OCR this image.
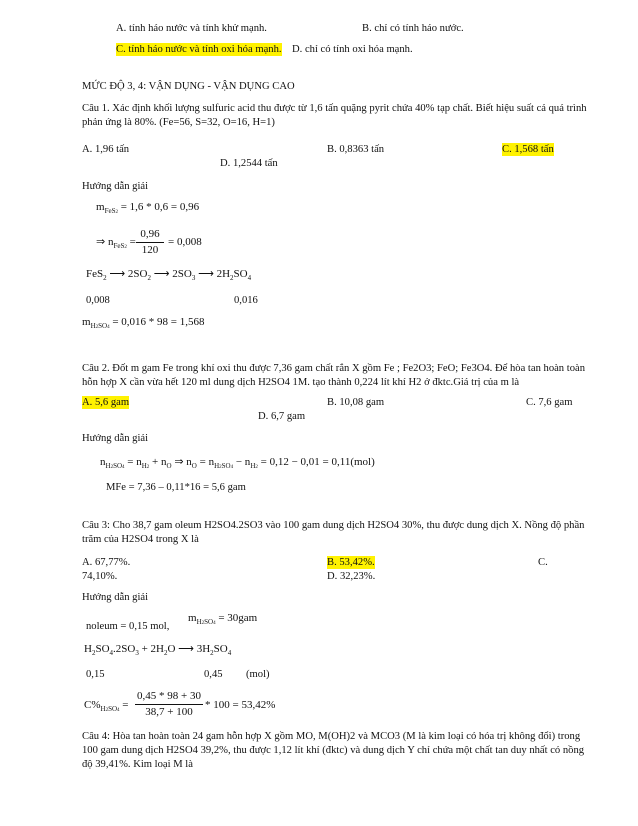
A. tính háo nước và tính khử mạnh.	B. chỉ có tính háo nước.
C. tính háo nước và tính oxi hóa mạnh. D. chỉ có tính oxi hóa mạnh.
MỨC ĐỘ 3, 4: VẬN DỤNG - VẬN DỤNG CAO
Câu 1. Xác định khối lượng sulfuric acid thu được từ 1,6 tấn quặng pyrit chứa 40% tạp chất. Biết hiệu suất cả quá trình phản ứng là 80%. (Fe=56, S=32, O=16, H=1)
A. 1,96 tấn	B. 0,8363 tấn	C. 1,568 tấn
D. 1,2544 tấn
Hướng dẫn giải
$m_{FeS2} = 1,6 * 0,6 = 0,96$
⇒ $n_{FeS2}$ =
0,96
120
= 0,008
FeS$_2$ ⟶ $2SO_2$ ⟶ $2SO_3$ ⟶ $2H_2SO_4$
0,008	0,016
$m_{H2SO4} = 0,016 * 98 = 1,568$
Câu 2. Đốt m gam Fe trong khí oxi thu được 7,36 gam chất rắn X gồm Fe ; Fe2O3; FeO; Fe3O4. Để hòa tan hoàn toàn hỗn hợp X cần vừa hết 120 ml dung dịch H2SO4 1M. tạo thành 0,224 lít khí H2 ở đktc.Giá trị của m là
A. 5,6 gam	B. 10,08 gam	C. 7,6 gam
D. 6,7 gam
Hướng dẫn giải
$n_{H2SO4} = n_{H2} + n_O$ ⇒ $n_O = n_{H2SO4} - n_{H2} = 0,12 - 0,01 = 0,11(mol)$
MFe = 7,36 – 0,11*16 = 5,6 gam
Câu 3: Cho 38,7 gam oleum H2SO4.2SO3 vào 100 gam dung dịch H2SO4 30%, thu được dung dịch X. Nồng độ phần trăm của H2SO4 trong X là
A. 67,77%.	B. 53,42%.	C.
74,10%.	D. 32,23%.
Hướng dẫn giải
noleum = 0,15 mol,
$m_{H2SO4} = 30gam$
$H_2SO_4.2SO_3 + 2H_2O$ ⟶ $3H_2SO_4$
0,15	0,45 (mol)
$C\%_{H2SO4}$ =
0,45 * 98 + 30
38,7 + 100
* 100 = 53,42%
Câu 4: Hòa tan hoàn toàn 24 gam hỗn hợp X gồm MO, M(OH)2 và MCO3 (M là kim loại có hóa trị không đổi) trong 100 gam dung dịch H2SO4 39,2%, thu được 1,12 lít khí (đktc) và dung dịch Y chỉ chứa một chất tan duy nhất có nồng độ 39,41%. Kim loại M là
